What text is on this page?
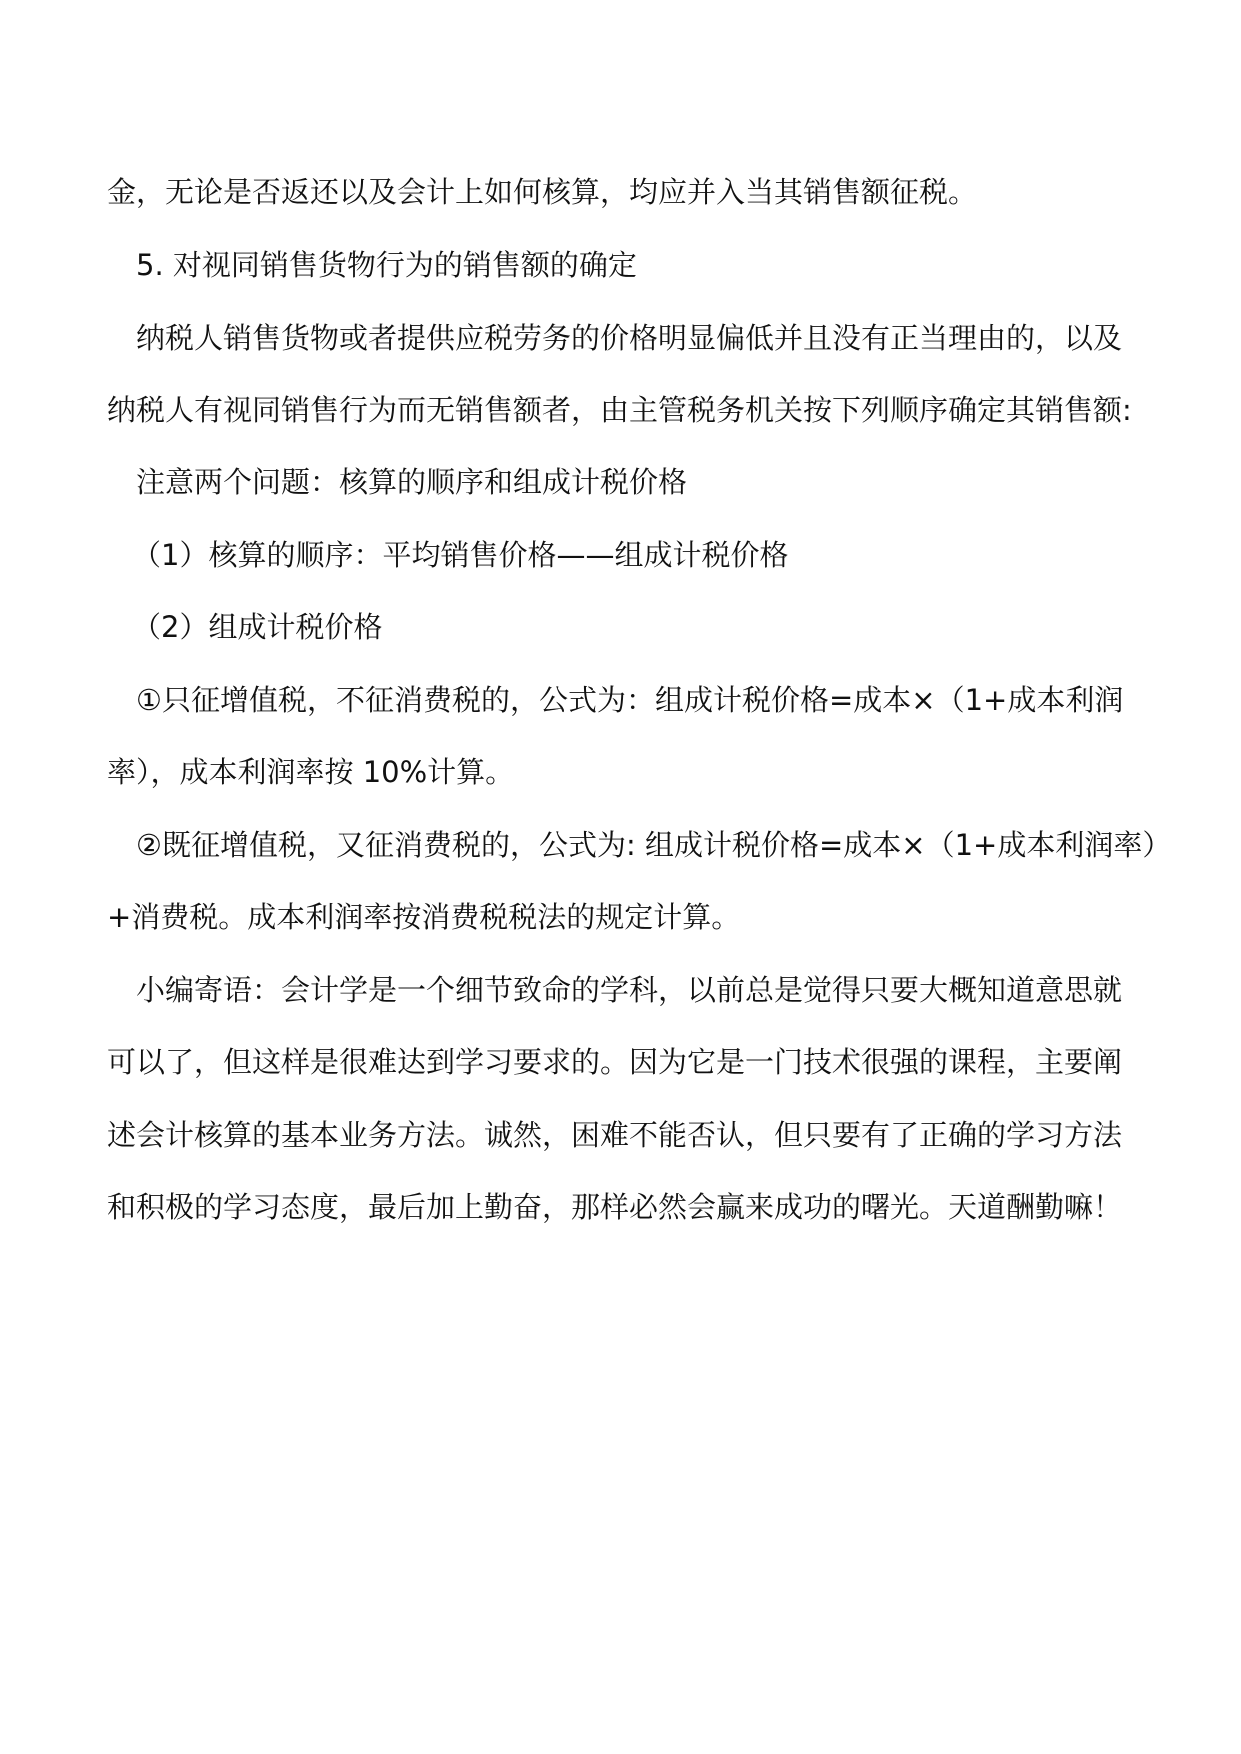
金，无论是否返还以及会计上如何核算，均应并入当其销售额征税。
5. 对视同销售货物行为的销售额的确定
纳税人销售货物或者提供应税劳务的价格明显偏低并且没有正当理由的，以及
纳税人有视同销售行为而无销售额者，由主管税务机关按下列顺序确定其销售额:
注意两个问题：核算的顺序和组成计税价格
（1）核算的顺序：平均销售价格——组成计税价格
（2）组成计税价格
①只征增值税，不征消费税的，公式为：组成计税价格=成本×（1+成本利润
率），成本利润率按 10%计算。
②既征增值税，又征消费税的，公式为: 组成计税价格=成本×（1+成本利润率）
+消费税。成本利润率按消费税税法的规定计算。
小编寄语：会计学是一个细节致命的学科，以前总是觉得只要大概知道意思就
可以了，但这样是很难达到学习要求的。因为它是一门技术很强的课程，主要阐
述会计核算的基本业务方法。诚然，困难不能否认，但只要有了正确的学习方法
和积极的学习态度，最后加上勤奋，那样必然会赢来成功的曙光。天道酬勤嘛！
